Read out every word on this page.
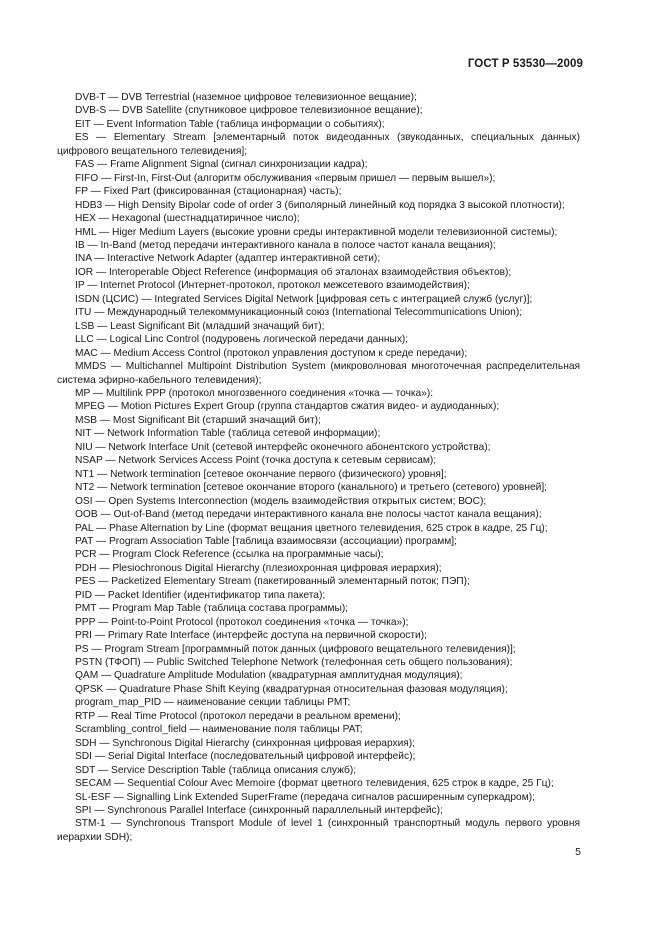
ГОСТ Р 53530—2009
DVB-T — DVB Terrestrial (наземное цифровое телевизионное вещание);
DVB-S — DVB Satellite (спутниковое цифровое телевизионное вещание);
EIT — Event Information Table (таблица информации о событиях);
ES — Elementary Stream [элементарный поток видеоданных (звукоданных, специальных данных) цифрового вещательного телевидения];
FAS — Frame Alignment Signal (сигнал синхронизации кадра);
FIFO — First-In, First-Out (алгоритм обслуживания «первым пришел — первым вышел»);
FP — Fixed Part (фиксированная (стационарная) часть);
HDB3 — High Density Bipolar code of order 3 (биполярный линейный код порядка 3 высокой плотности);
HEX — Hexagonal (шестнадцатиричное число);
HML — Higer Medium Layers (высокие уровни среды интерактивной модели телевизионной системы);
IB — In-Band (метод передачи интерактивного канала в полосе частот канала вещания);
INA — Interactive Network Adapter (адаптер интерактивной сети);
IOR — Interoperable Object Reference (информация об эталонах взаимодействия объектов);
IP — Internet Protocol (Интернет-протокол, протокол межсетевого взаимодействия);
ISDN (ЦСИС) — Integrated Services Digital Network [цифровая сеть с интеграцией служб (услуг)];
ITU — Международный телекоммуникационный союз (International Telecommunications Union);
LSB — Least Significant Bit (младший значащий бит);
LLC — Logical Linc Control (подуровень логической передачи данных);
MAC — Medium Access Control (протокол управления доступом к среде передачи);
MMDS — Multichannel Multipoint Distribution System (микроволновая многоточечная распределительная система эфирно-кабельного телевидения);
MP — Multilink PPP (протокол многозвенного соединения «точка — точка»):
MPEG — Motion Pictures Expert Group (группа стандартов сжатия видео- и аудиоданных);
MSB — Most Significant Bit (старший значащий бит);
NIT — Network Information Table (таблица сетевой информации);
NIU — Network Interface Unit (сетевой интерфейс оконечного абонентского устройства);
NSAP — Network Services Access Point (точка доступа к сетевым сервисам);
NT1 — Network termination [сетевое окончание первого (физического) уровня];
NT2 — Network termination [сетевое окончание второго (канального) и третьего (сетевого) уровней];
OSI — Open Systems Interconnection (модель взаимодействия открытых систем; ВОС);
OOB — Out-of-Band (метод передачи интерактивного канала вне полосы частот канала вещания);
PAL — Phase Alternation by Line (формат вещания цветного телевидения, 625 строк в кадре, 25 Гц);
PAT — Program Association Table [таблица взаимосвязи (ассоциации) программ];
PCR — Program Clock Reference (ссылка на программные часы);
PDH — Plesiochronous Digital Hierarchy (плезиохронная цифровая иерархия);
PES — Packetized Elementary Stream (пакетированный элементарный поток; ПЭП);
PID — Packet Identifier (идентификатор типа пакета);
PMT — Program Map Table (таблица состава программы);
PPP — Point-to-Point Protocol (протокол соединения «точка — точка»);
PRI — Primary Rate Interface (интерфейс доступа на первичной скорости);
PS — Program Stream [программный поток данных (цифрового вещательного телевидения)];
PSTN (ТФОП) — Public Switched Telephone Network (телефонная сеть общего пользования);
QAM — Quadrature Amplitude Modulation (квадратурная амплитудная модуляция);
QPSK — Quadrature Phase Shift Keying (квадратурная относительная фазовая модуляция);
program_map_PID — наименование секции таблицы PMT;
RTP — Real Time Protocol (протокол передачи в реальном времени);
Scrambling_control_field — наименование поля таблицы PAT;
SDH — Synchronous Digital Hierarchy (синхронная цифровая иерархия);
SDI — Serial Digital Interface (последовательный цифровой интерфейс);
SDT — Service Description Table (таблица описания служб);
SECAM — Sequential Colour Avec Memoire (формат цветного телевидения, 625 строк в кадре, 25 Гц);
SL-ESF — Signalling Link Extended SuperFrame (передача сигналов расширенным суперкадром);
SPI — Synchronous Parallel Interface (синхронный параллельный интерфейс);
STM-1 — Synchronous Transport Module of level 1 (синхронный транспортный модуль первого уровня иерархии SDH);
5
